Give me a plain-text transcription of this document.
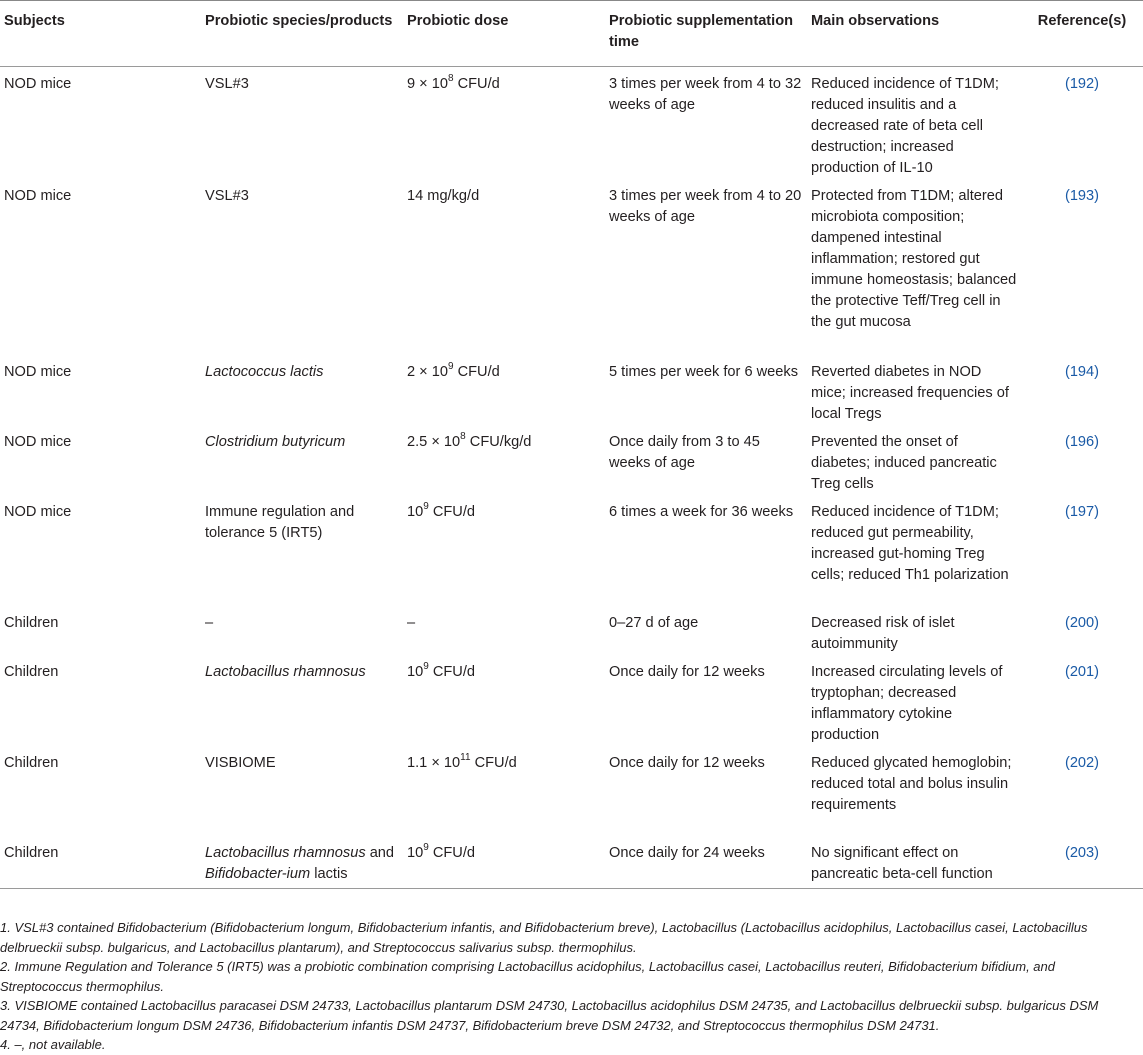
Subjects	Probiotic species/products	Probiotic dose	Probiotic supplementation time	Main observations	Reference(s)
NOD mice	VSL#3	$9 \times 10^8$ CFU/d	3 times per week from 4 to 32 weeks of age	Reduced incidence of T1DM; reduced insulitis and a decreased rate of beta cell destruction; increased production of IL-10	(192)
NOD mice	VSL#3	14 mg/kg/d	3 times per week from 4 to 20 weeks of age	Protected from T1DM; altered microbiota composition; dampened intestinal inflammation; restored gut immune homeostasis; balanced the protective Teff/Treg cell in the gut mucosa	(193)
NOD mice	Lactococcus lactis	$2 \times 10^9$ CFU/d	5 times per week for 6 weeks	Reverted diabetes in NOD mice; increased frequencies of local Tregs	(194)
NOD mice	Clostridium butyricum	$2.5 \times 10^8$ CFU/kg/d	Once daily from 3 to 45 weeks of age	Prevented the onset of diabetes; induced pancreatic Treg cells	(196)
NOD mice	Immune regulation and tolerance 5 (IRT5)	$10^9$ CFU/d	6 times a week for 36 weeks	Reduced incidence of T1DM; reduced gut permeability, increased gut-homing Treg cells; reduced Th1 polarization	(197)
Children	–	–	0–27 d of age	Decreased risk of islet autoimmunity	(200)
Children	Lactobacillus rhamnosus	$10^9$ CFU/d	Once daily for 12 weeks	Increased circulating levels of tryptophan; decreased inflammatory cytokine production	(201)
Children	VISBIOME	$1.1 \times 10^{11}$ CFU/d	Once daily for 12 weeks	Reduced glycated hemoglobin; reduced total and bolus insulin requirements	(202)
Children	Lactobacillus rhamnosus and Bifidobacter-ium lactis	$10^9$ CFU/d	Once daily for 24 weeks	No significant effect on pancreatic beta-cell function	(203)

1. VSL#3 contained Bifidobacterium (Bifidobacterium longum, Bifidobacterium infantis, and Bifidobacterium breve), Lactobacillus (Lactobacillus acidophilus, Lactobacillus casei, Lactobacillus delbrueckii subsp. bulgaricus, and Lactobacillus plantarum), and Streptococcus salivarius subsp. thermophilus.

2. Immune Regulation and Tolerance 5 (IRT5) was a probiotic combination comprising Lactobacillus acidophilus, Lactobacillus casei, Lactobacillus reuteri, Bifidobacterium bifidium, and Streptococcus thermophilus.

3. VISBIOME contained Lactobacillus paracasei DSM 24733, Lactobacillus plantarum DSM 24730, Lactobacillus acidophilus DSM 24735, and Lactobacillus delbrueckii subsp. bulgaricus DSM 24734, Bifidobacterium longum DSM 24736, Bifidobacterium infantis DSM 24737, Bifidobacterium breve DSM 24732, and Streptococcus thermophilus DSM 24731.

4. –, not available.
